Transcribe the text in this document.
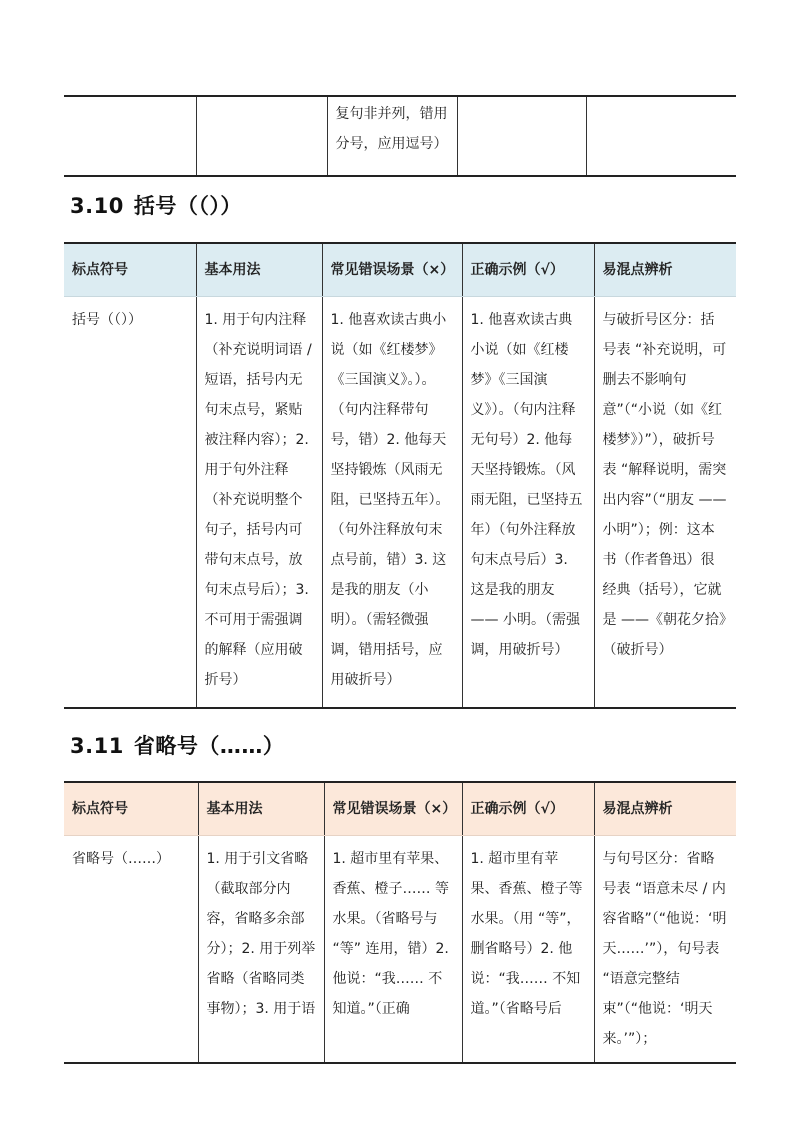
		复句非并列，错用分号，应用逗号）		
3.10 括号（（））
标点符号	基本用法	常见错误场景（×）	正确示例（√）	易混点辨析
括号（（））	1. 用于句内注释（补充说明词语 / 短语，括号内无句末点号，紧贴被注释内容）；2. 用于句外注释（补充说明整个句子，括号内可带句末点号，放句末点号后）；3. 不可用于需强调的解释（应用破折号）	1. 他喜欢读古典小说（如《红楼梦》《三国演义》。）。（句内注释带句号，错）2. 他每天坚持锻炼（风雨无阻，已坚持五年）。（句外注释放句末点号前，错）3. 这是我的朋友（小明）。（需轻微强调，错用括号，应用破折号）	1. 他喜欢读古典小说（如《红楼梦》《三国演义》）。（句内注释无句号）2. 他每天坚持锻炼。（风雨无阻，已坚持五年）（句外注释放句末点号后）3. 这是我的朋友 —— 小明。（需强调，用破折号）	与破折号区分：括号表 “补充说明，可删去不影响句意”（“小说（如《红楼梦》）”），破折号表 “解释说明，需突出内容”（“朋友 —— 小明”）；例：这本书（作者鲁迅）很经典（括号），它就是 ——《朝花夕拾》（破折号）
3.11 省略号（……）
标点符号	基本用法	常见错误场景（×）	正确示例（√）	易混点辨析
省略号（……）	1. 用于引文省略（截取部分内容，省略多余部分）；2. 用于列举省略（省略同类事物）；3. 用于语	1. 超市里有苹果、香蕉、橙子…… 等水果。（省略号与 “等” 连用，错）2. 他说：“我…… 不知道。”（正确	1. 超市里有苹果、香蕉、橙子等水果。（用 “等”，删省略号）2. 他说：“我…… 不知道。”（省略号后	与句号区分：省略号表 “语意未尽 / 内容省略”（“他说：‘明天……’”），句号表 “语意完整结束”（“他说：‘明天来。’”）；
